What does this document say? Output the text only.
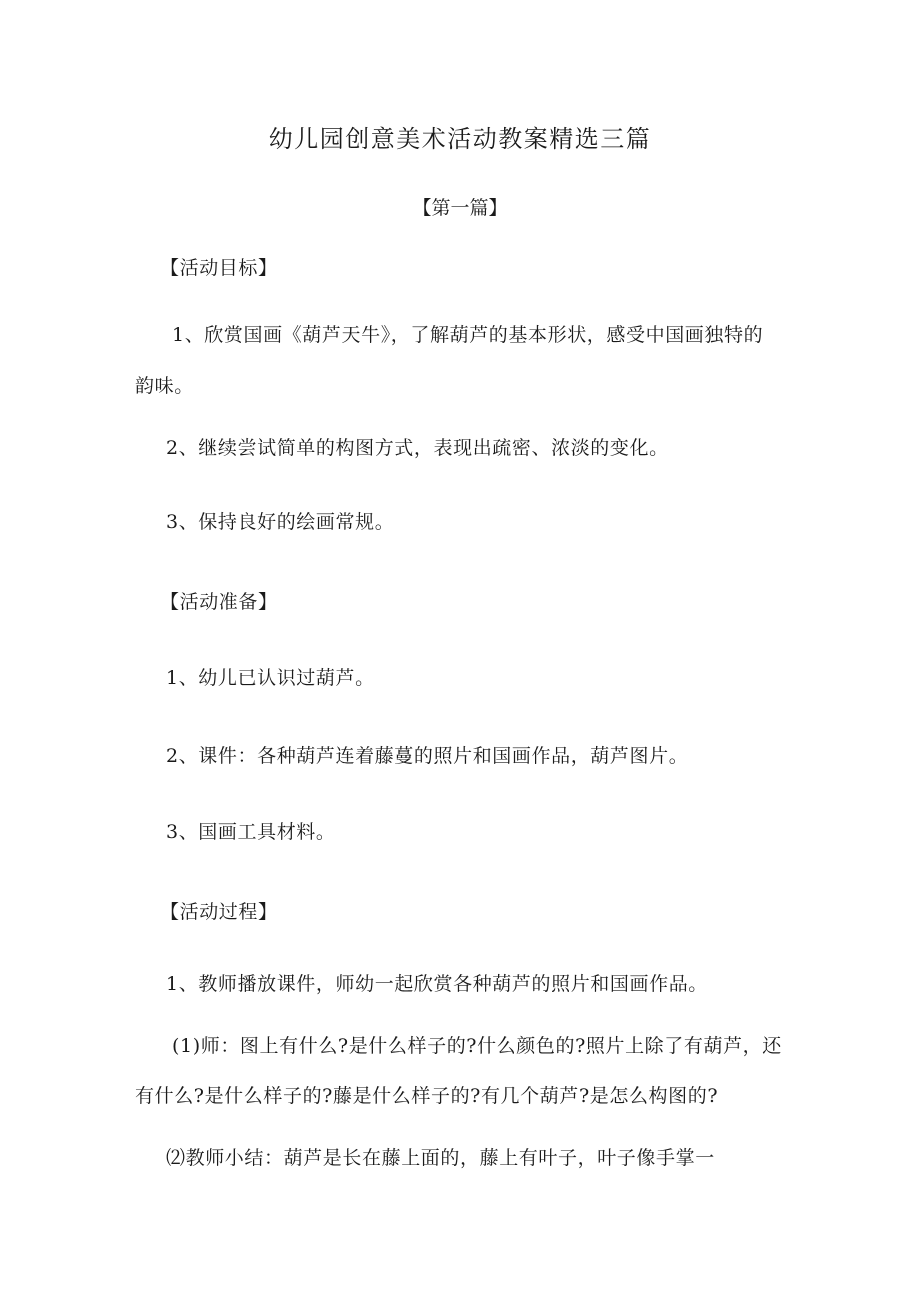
幼儿园创意美术活动教案精选三篇
【第一篇】
【活动目标】
1、欣赏国画《葫芦天牛》，了解葫芦的基本形状，感受中国画独特的
韵味。
2、继续尝试简单的构图方式，表现出疏密、浓淡的变化。
3、保持良好的绘画常规。
【活动准备】
1、幼儿已认识过葫芦。
2、课件：各种葫芦连着藤蔓的照片和国画作品，葫芦图片。
3、国画工具材料。
【活动过程】
1、教师播放课件，师幼一起欣赏各种葫芦的照片和国画作品。
(1)师：图上有什么?是什么样子的?什么颜色的?照片上除了有葫芦，还
有什么?是什么样子的?藤是什么样子的?有几个葫芦?是怎么构图的?
⑵教师小结：葫芦是长在藤上面的，藤上有叶子，叶子像手掌一
